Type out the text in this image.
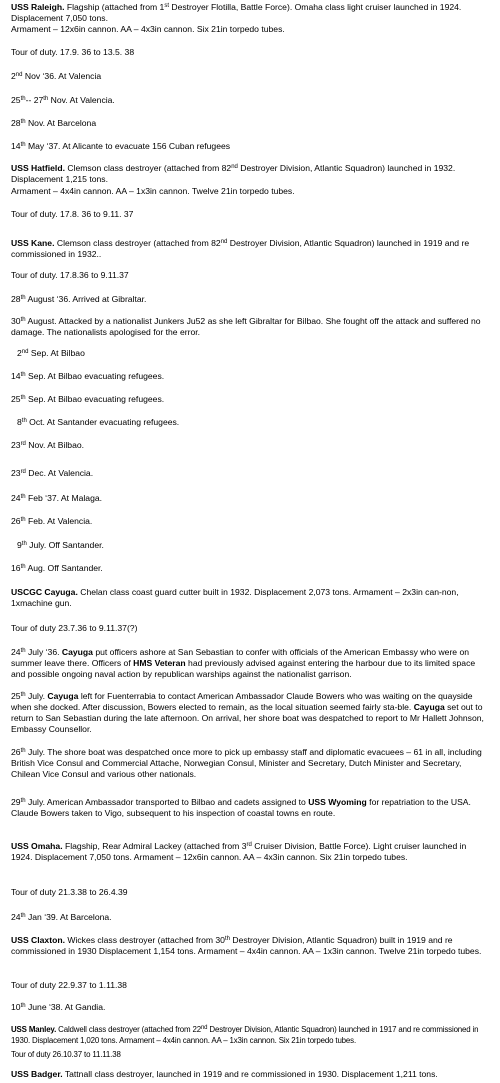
USS Raleigh. Flagship (attached from 1st Destroyer Flotilla, Battle Force). Omaha class light cruiser launched in 1924. Displacement 7,050 tons.

Armament – 12x6in cannon. AA – 4x3in cannon. Six 21in torpedo tubes.

Tour of duty. 17.9. 36 to 13.5. 38

2nd Nov ‘36. At Valencia

25th-- 27th Nov. At Valencia.

28th Nov. At Barcelona

14th May ‘37. At Alicante to evacuate 156 Cuban refugees

USS Hatfield. Clemson class destroyer (attached from 82nd Destroyer Division, Atlantic Squadron) launched in 1932. Displacement 1,215 tons.

Armament – 4x4in cannon. AA – 1x3in cannon. Twelve 21in torpedo tubes.

Tour of duty. 17.8. 36 to 9.11. 37

USS Kane. Clemson class destroyer (attached from 82nd Destroyer Division, Atlantic Squadron) launched in 1919 and re commissioned in 1932..

Tour of duty. 17.8.36 to 9.11.37

28th August ‘36. Arrived at Gibraltar.

30th August. Attacked by a nationalist Junkers Ju52 as she left Gibraltar for Bilbao. She fought off the attack and suffered no damage. The nationalists apologised for the error.

2nd Sep. At Bilbao

14th Sep. At Bilbao evacuating refugees.

25th Sep. At Bilbao evacuating refugees.

8th Oct. At Santander evacuating refugees.

23rd Nov. At Bilbao.

23rd Dec. At Valencia.

24th Feb ‘37. At Malaga.

26th Feb. At Valencia.

9th July. Off Santander.

16th Aug. Off Santander.

USCGC Cayuga. Chelan class coast guard cutter built in 1932. Displacement 2,073 tons. Armament – 2x3in can-non, 1xmachine gun.

Tour of duty 23.7.36 to 9.11.37(?)

24th July ‘36. Cayuga put officers ashore at San Sebastian to confer with officials of the American Embassy who were on summer leave there. Officers of HMS Veteran had previously advised against entering the harbour due to its limited space and possible ongoing naval action by republican warships against the nationalist garrison.

25th July. Cayuga left for Fuenterrabia to contact American Ambassador Claude Bowers who was waiting on the quayside when she docked. After discussion, Bowers elected to remain, as the local situation seemed fairly sta-ble. Cayuga set out to return to San Sebastian during the late afternoon. On arrival, her shore boat was despatched to report to Mr Hallett Johnson, Embassy Counsellor.

26th July. The shore boat was despatched once more to pick up embassy staff and diplomatic evacuees – 61 in all, including British Vice Consul and Commercial Attache, Norwegian Consul, Minister and Secretary, Dutch Minister and Secretary, Chilean Vice Consul and various other nationals.

29th July. American Ambassador transported to Bilbao and cadets assigned to USS Wyoming for repatriation to the USA. Claude Bowers taken to Vigo, subsequent to his inspection of coastal towns en route.

USS Omaha. Flagship, Rear Admiral Lackey (attached from 3rd Cruiser Division, Battle Force). Light cruiser launched in 1924. Displacement 7,050 tons. Armament – 12x6in cannon. AA – 4x3in cannon. Six 21in torpedo tubes.

Tour of duty 21.3.38 to 26.4.39

24th Jan ‘39. At Barcelona.

USS Claxton. Wickes class destroyer (attached from 30th Destroyer Division, Atlantic Squadron) built in 1919 and re commissioned in 1930 Displacement 1,154 tons. Armament – 4x4in cannon. AA – 1x3in cannon. Twelve 21in torpedo tubes.

Tour of duty 22.9.37 to 1.11.38

10th June ‘38. At Gandia.

USS Manley. Caldwell class destroyer (attached from 22nd Destroyer Division, Atlantic Squadron) launched in 1917 and re commissioned in 1930. Displacement 1,020 tons. Armament – 4x4in cannon. AA – 1x3in cannon. Six 21in torpedo tubes.

Tour of duty 26.10.37 to 11.11.38

USS Badger. Tattnall class destroyer, launched in 1919 and re commissioned in 1930. Displacement 1,211 tons.
